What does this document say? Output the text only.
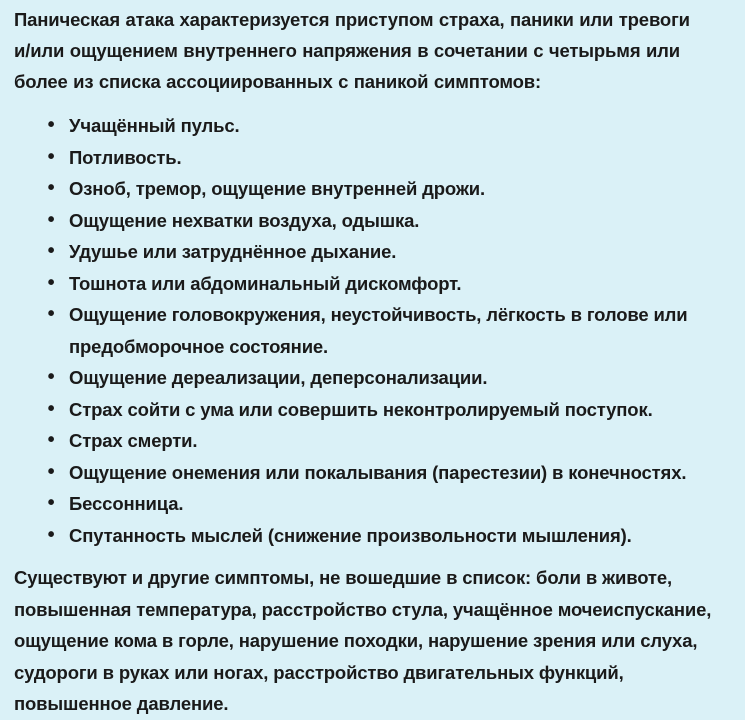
Паническая атака характеризуется приступом страха, паники или тревоги
и/или ощущением внутреннего напряжения в сочетании с четырьмя или
более из списка ассоциированных с паникой симптомов:

• Учащённый пульс.
• Потливость.
• Озноб, тремор, ощущение внутренней дрожи.
• Ощущение нехватки воздуха, одышка.
• Удушье или затруднённое дыхание.
• Тошнота или абдоминальный дискомфорт.
• Ощущение головокружения, неустойчивость, лёгкость в голове или
предобморочное состояние.
• Ощущение дереализации, деперсонализации.
• Страх сойти с ума или совершить неконтролируемый поступок.
• Страх смерти.
• Ощущение онемения или покалывания (парестезии) в конечностях.
• Бессонница.
• Спутанность мыслей (снижение произвольности мышления).

Существуют и другие симптомы, не вошедшие в список: боли в животе,
повышенная температура, расстройство стула, учащённое мочеиспускание,
ощущение кома в горле, нарушение походки, нарушение зрения или слуха,
судороги в руках или ногах, расстройство двигательных функций,
повышенное давление.
